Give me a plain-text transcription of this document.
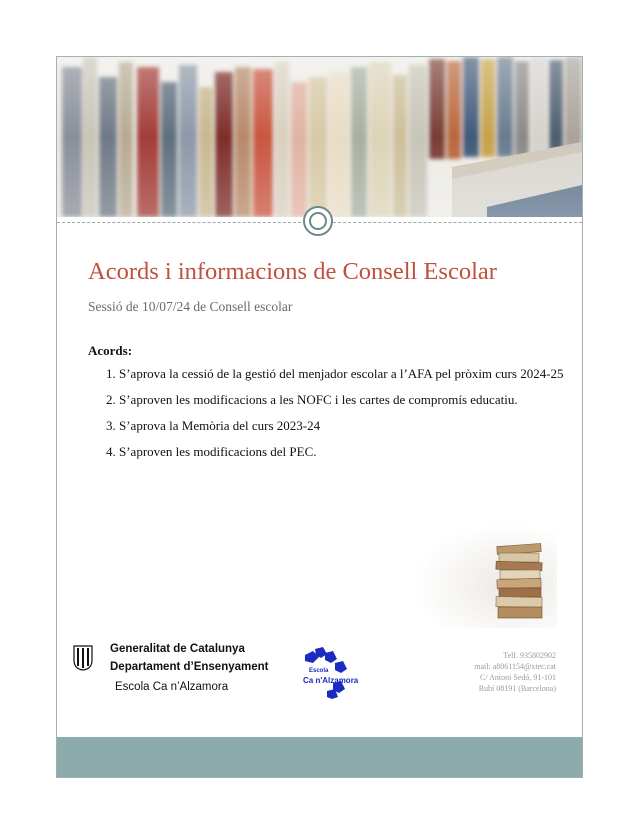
Acords i informacions de Consell Escolar
Sessió de 10/07/24 de Consell escolar
Acords:
1. S’aprova la cessió de la gestió del menjador escolar a l’AFA pel pròxim curs 2024-25
2. S’aproven les modificacions a les NOFC i les cartes de compromís educatiu.
3. S’aprova la Memòria del curs 2023-24
4. S’aproven les modificacions del PEC.
Generalitat de Catalunya
Departament d’Ensenyament
Escola Ca n’Alzamora
Escola
Ca n'Alzamora
Telf. 935802902
mail: a8061154@xtec.cat
C/ Antoni Sedó, 91-101
Rubí 08191 (Barcelona)
